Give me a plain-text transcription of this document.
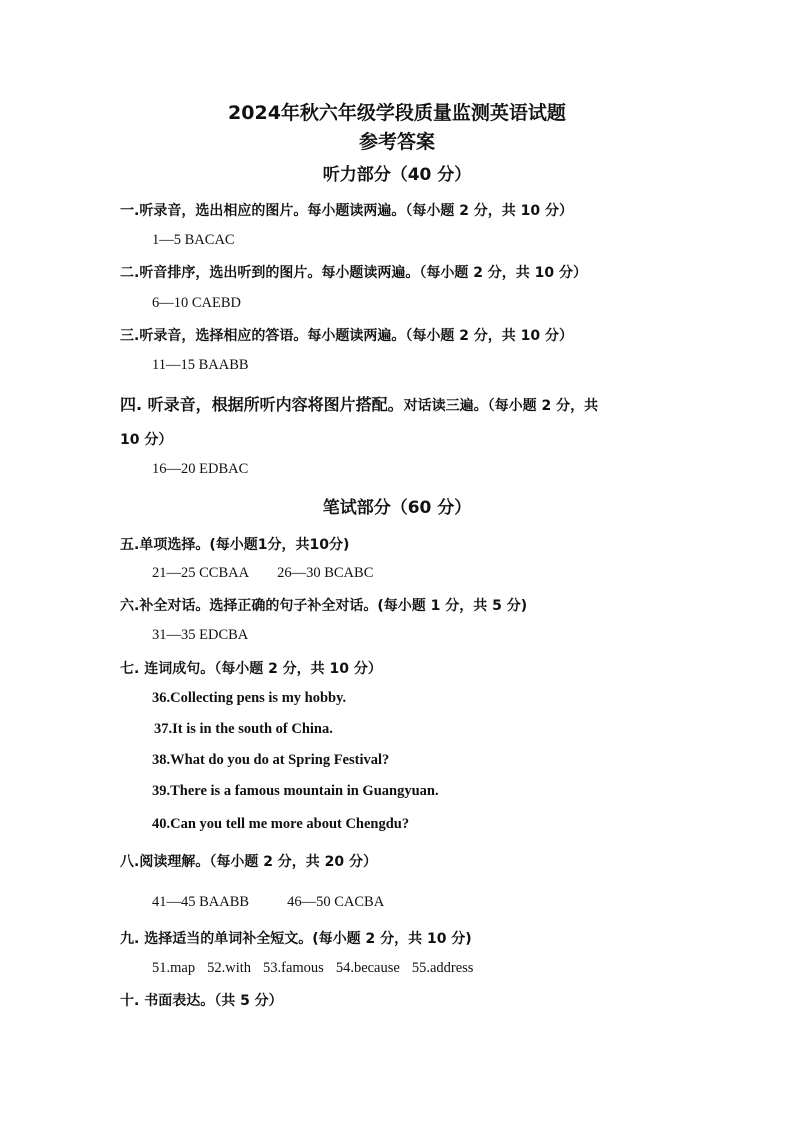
2024年秋六年级学段质量监测英语试题
参考答案
听力部分（40 分）
一.听录音，选出相应的图片。每小题读两遍。（每小题 2 分，共 10 分）
1—5 BACAC
二.听音排序，选出听到的图片。每小题读两遍。（每小题 2 分，共 10 分）
6—10 CAEBD
三.听录音，选择相应的答语。每小题读两遍。（每小题 2 分，共 10 分）
11—15 BAABB
四. 听录音，根据所听内容将图片搭配。对话读三遍。（每小题 2 分，共
10 分）
16—20 EDBAC
笔试部分（60 分）
五.单项选择。(每小题1分，共10分)
21—25 CCBAA 26—30 BCABC
六.补全对话。选择正确的句子补全对话。(每小题 1 分，共 5 分)
31—35 EDCBA
七. 连词成句。（每小题 2 分，共 10 分）
36.Collecting pens is my hobby.
37.It is in the south of China.
38.What do you do at Spring Festival?
39.There is a famous mountain in Guangyuan.
40.Can you tell me more about Chengdu?
八.阅读理解。（每小题 2 分，共 20 分）
41—45 BAABB	46—50 CACBA
九. 选择适当的单词补全短文。(每小题 2 分，共 10 分)
51.map 52.with 53.famous 54.because 55.address
十. 书面表达。（共 5 分）
